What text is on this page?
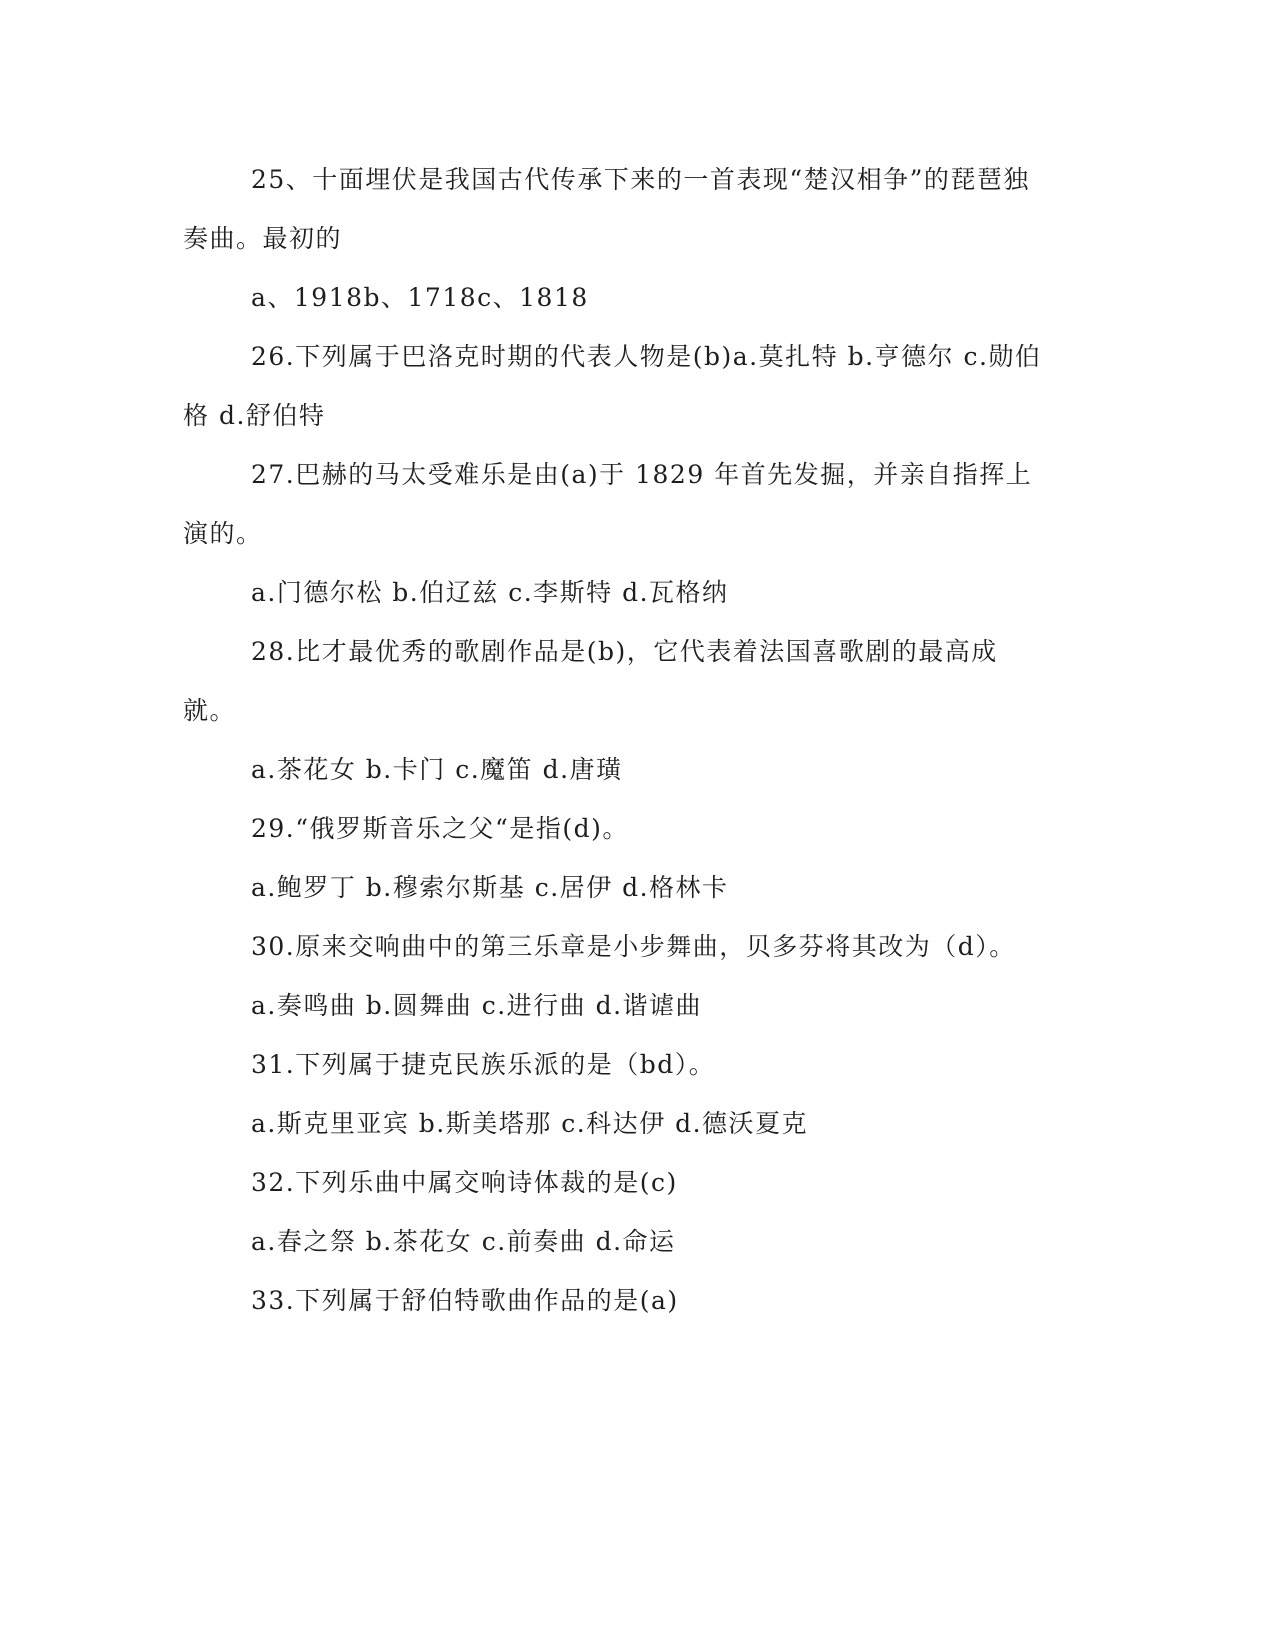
25、十面埋伏是我国古代传承下来的一首表现“楚汉相争”的琵琶独奏曲。最初的

a、1918b、1718c、1818

26.下列属于巴洛克时期的代表人物是(b)a.莫扎特 b.亨德尔 c.勋伯格 d.舒伯特

27.巴赫的马太受难乐是由(a)于 1829 年首先发掘，并亲自指挥上演的。

a.门德尔松 b.伯辽兹 c.李斯特 d.瓦格纳

28.比才最优秀的歌剧作品是(b)，它代表着法国喜歌剧的最高成就。

a.茶花女 b.卡门 c.魔笛 d.唐璜

29.“俄罗斯音乐之父“是指(d)。

a.鲍罗丁 b.穆索尔斯基 c.居伊 d.格林卡

30.原来交响曲中的第三乐章是小步舞曲，贝多芬将其改为（d）。

a.奏鸣曲 b.圆舞曲 c.进行曲 d.谐谑曲

31.下列属于捷克民族乐派的是（bd）。

a.斯克里亚宾 b.斯美塔那 c.科达伊 d.德沃夏克

32.下列乐曲中属交响诗体裁的是(c)

a.春之祭 b.茶花女 c.前奏曲 d.命运

33.下列属于舒伯特歌曲作品的是(a)
